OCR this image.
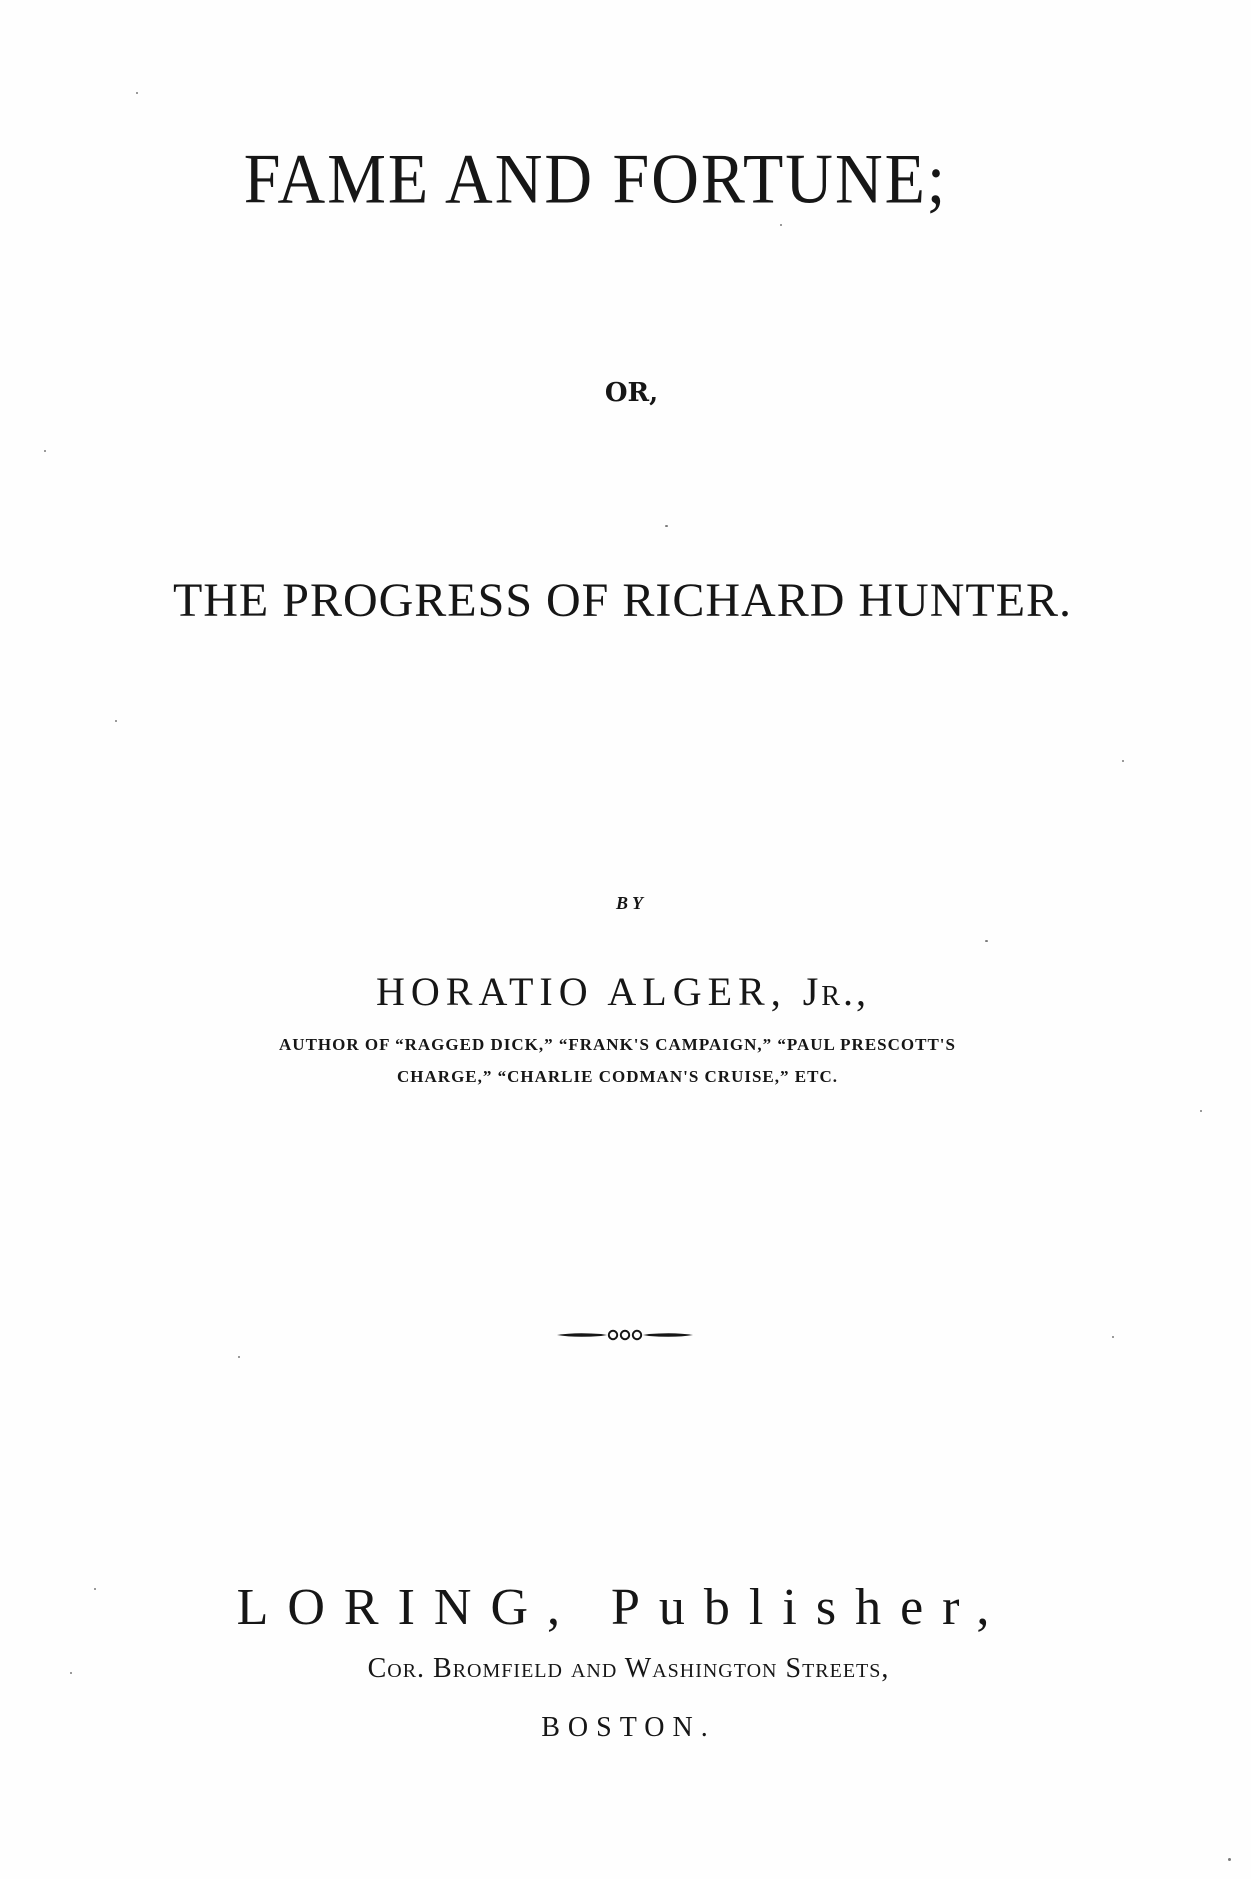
FAME AND FORTUNE;
OR,
THE PROGRESS OF RICHARD HUNTER.
BY
HORATIO ALGER, Jr.,
AUTHOR OF “RAGGED DICK,” “FRANK'S CAMPAIGN,” “PAUL PRESCOTT'S
CHARGE,” “CHARLIE CODMAN'S CRUISE,” ETC.
LORING, Publisher,
Cor. Bromfield and Washington Streets,
BOSTON.
